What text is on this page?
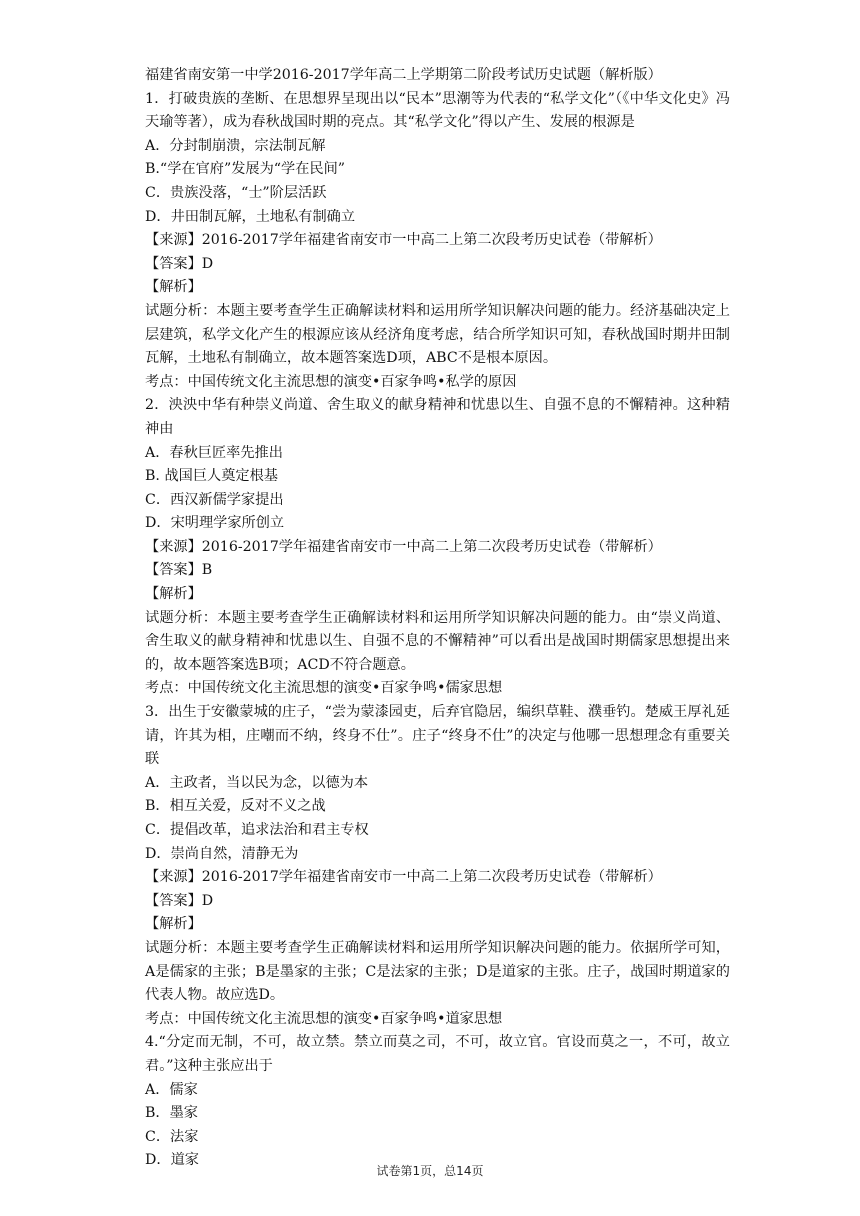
福建省南安第一中学2016-2017学年高二上学期第二阶段考试历史试题（解析版）
1．打破贵族的垄断、在思想界呈现出以“民本”思潮等为代表的“私学文化”（《中华文化史》冯天瑜等著），成为春秋战国时期的亮点。其“私学文化”得以产生、发展的根源是
A．分封制崩溃，宗法制瓦解
B.“学在官府”发展为“学在民间”
C．贵族没落，“士”阶层活跃
D．井田制瓦解，土地私有制确立
【来源】2016-2017学年福建省南安市一中高二上第二次段考历史试卷（带解析）
【答案】D
【解析】
试题分析：本题主要考查学生正确解读材料和运用所学知识解决问题的能力。经济基础决定上层建筑，私学文化产生的根源应该从经济角度考虑，结合所学知识可知，春秋战国时期井田制瓦解，土地私有制确立，故本题答案选D项，ABC不是根本原因。
考点：中国传统文化主流思想的演变•百家争鸣•私学的原因
2．泱泱中华有种崇义尚道、舍生取义的献身精神和忧患以生、自强不息的不懈精神。这种精神由
A．春秋巨匠率先推出
B. 战国巨人奠定根基
C．西汉新儒学家提出
D．宋明理学家所创立
【来源】2016-2017学年福建省南安市一中高二上第二次段考历史试卷（带解析）
【答案】B
【解析】
试题分析：本题主要考查学生正确解读材料和运用所学知识解决问题的能力。由“崇义尚道、舍生取义的献身精神和忧患以生、自强不息的不懈精神”可以看出是战国时期儒家思想提出来的，故本题答案选B项；ACD不符合题意。
考点：中国传统文化主流思想的演变•百家争鸣•儒家思想
3．出生于安徽蒙城的庄子，“尝为蒙漆园吏，后弃官隐居，编织草鞋、濮垂钓。楚威王厚礼延请，许其为相，庄嘲而不纳，终身不仕”。庄子“终身不仕”的决定与他哪一思想理念有重要关联
A．主政者，当以民为念，以德为本
B．相互关爱，反对不义之战
C．提倡改革，追求法治和君主专权
D．崇尚自然，清静无为
【来源】2016-2017学年福建省南安市一中高二上第二次段考历史试卷（带解析）
【答案】D
【解析】
试题分析：本题主要考查学生正确解读材料和运用所学知识解决问题的能力。依据所学可知，A是儒家的主张；B是墨家的主张；C是法家的主张；D是道家的主张。庄子，战国时期道家的代表人物。故应选D。
考点：中国传统文化主流思想的演变•百家争鸣•道家思想
4.“分定而无制，不可，故立禁。禁立而莫之司，不可，故立官。官设而莫之一，不可，故立君。”这种主张应出于
A．儒家
B．墨家
C．法家
D．道家
试卷第1页，总14页
